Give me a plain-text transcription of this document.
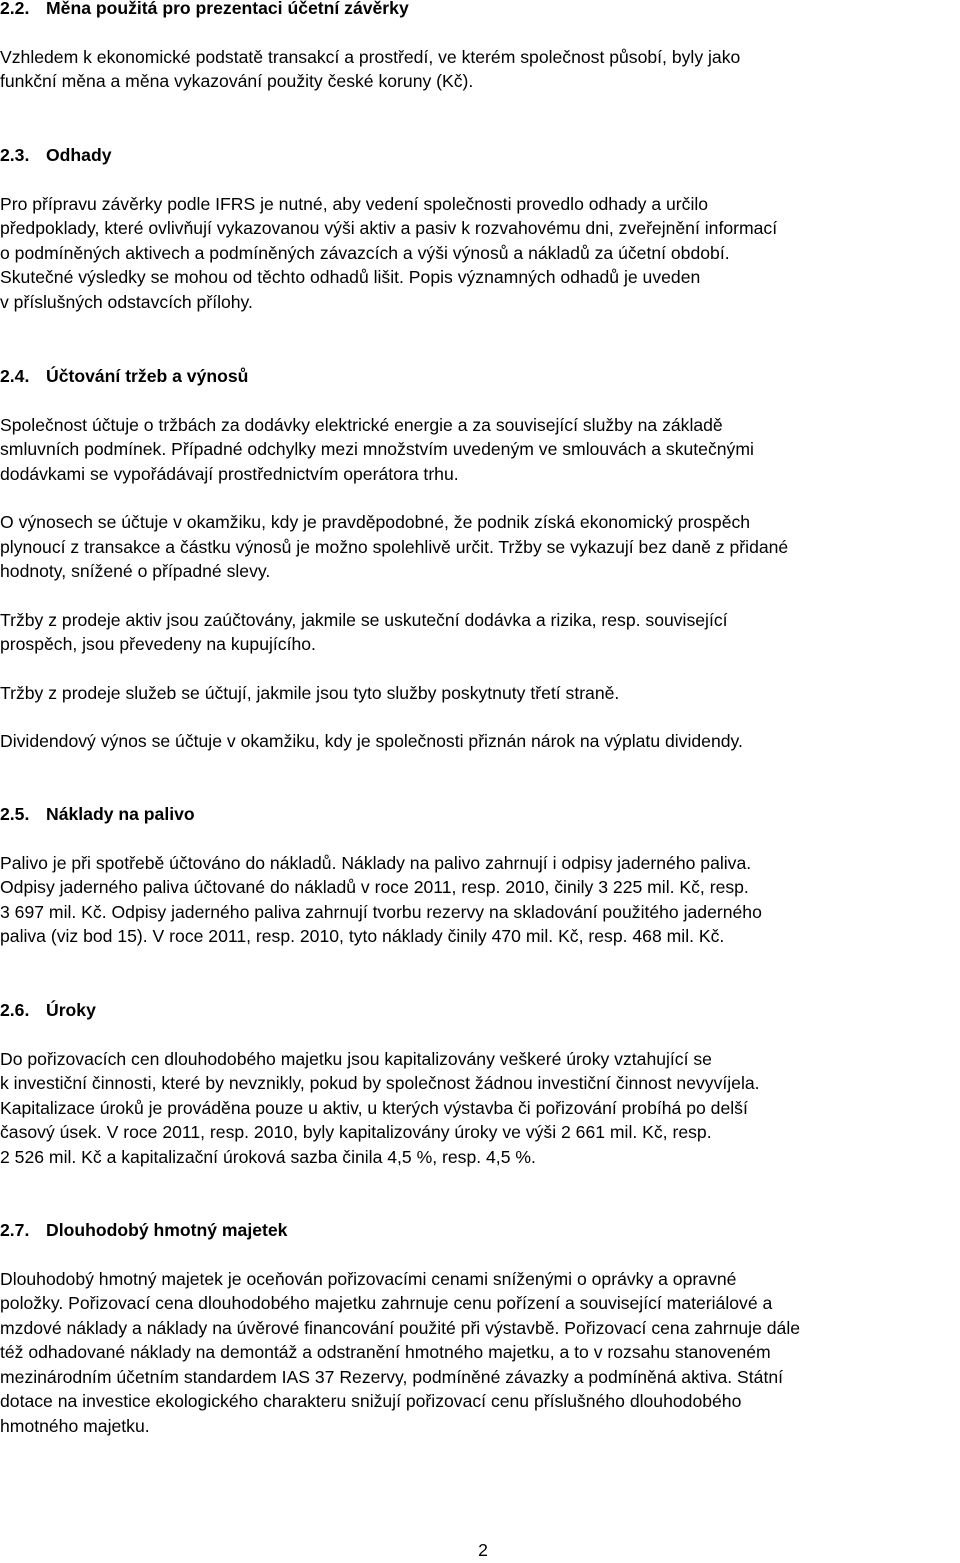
2.2. Měna použitá pro prezentaci účetní závěrky

Vzhledem k ekonomické podstatě transakcí a prostředí, ve kterém společnost působí, byly jako
funkční měna a měna vykazování použity české koruny (Kč).

2.3. Odhady

Pro přípravu závěrky podle IFRS je nutné, aby vedení společnosti provedlo odhady a určilo
předpoklady, které ovlivňují vykazovanou výši aktiv a pasiv k rozvahovému dni, zveřejnění informací
o podmíněných aktivech a podmíněných závazcích a výši výnosů a nákladů za účetní období.
Skutečné výsledky se mohou od těchto odhadů lišit. Popis významných odhadů je uveden
v příslušných odstavcích přílohy.

2.4. Účtování tržeb a výnosů

Společnost účtuje o tržbách za dodávky elektrické energie a za související služby na základě
smluvních podmínek. Případné odchylky mezi množstvím uvedeným ve smlouvách a skutečnými
dodávkami se vypořádávají prostřednictvím operátora trhu.
O výnosech se účtuje v okamžiku, kdy je pravděpodobné, že podnik získá ekonomický prospěch
plynoucí z transakce a částku výnosů je možno spolehlivě určit. Tržby se vykazují bez daně z přidané
hodnoty, snížené o případné slevy.
Tržby z prodeje aktiv jsou zaúčtovány, jakmile se uskuteční dodávka a rizika, resp. související
prospěch, jsou převedeny na kupujícího.
Tržby z prodeje služeb se účtují, jakmile jsou tyto služby poskytnuty třetí straně.
Dividendový výnos se účtuje v okamžiku, kdy je společnosti přiznán nárok na výplatu dividendy.

2.5. Náklady na palivo

Palivo je při spotřebě účtováno do nákladů. Náklady na palivo zahrnují i odpisy jaderného paliva.
Odpisy jaderného paliva účtované do nákladů v roce 2011, resp. 2010, činily 3 225 mil. Kč, resp.
3 697 mil. Kč. Odpisy jaderného paliva zahrnují tvorbu rezervy na skladování použitého jaderného
paliva (viz bod 15). V roce 2011, resp. 2010, tyto náklady činily 470 mil. Kč, resp. 468 mil. Kč.

2.6. Úroky

Do pořizovacích cen dlouhodobého majetku jsou kapitalizovány veškeré úroky vztahující se
k investiční činnosti, které by nevznikly, pokud by společnost žádnou investiční činnost nevyvíjela.
Kapitalizace úroků je prováděna pouze u aktiv, u kterých výstavba či pořizování probíhá po delší
časový úsek. V roce 2011, resp. 2010, byly kapitalizovány úroky ve výši 2 661 mil. Kč, resp.
2 526 mil. Kč a kapitalizační úroková sazba činila 4,5 %, resp. 4,5 %.

2.7. Dlouhodobý hmotný majetek

Dlouhodobý hmotný majetek je oceňován pořizovacími cenami sníženými o oprávky a opravné
položky. Pořizovací cena dlouhodobého majetku zahrnuje cenu pořízení a související materiálové a
mzdové náklady a náklady na úvěrové financování použité při výstavbě. Pořizovací cena zahrnuje dále
též odhadované náklady na demontáž a odstranění hmotného majetku, a to v rozsahu stanoveném
mezinárodním účetním standardem IAS 37 Rezervy, podmíněné závazky a podmíněná aktiva. Státní
dotace na investice ekologického charakteru snižují pořizovací cenu příslušného dlouhodobého
hmotného majetku.
2
